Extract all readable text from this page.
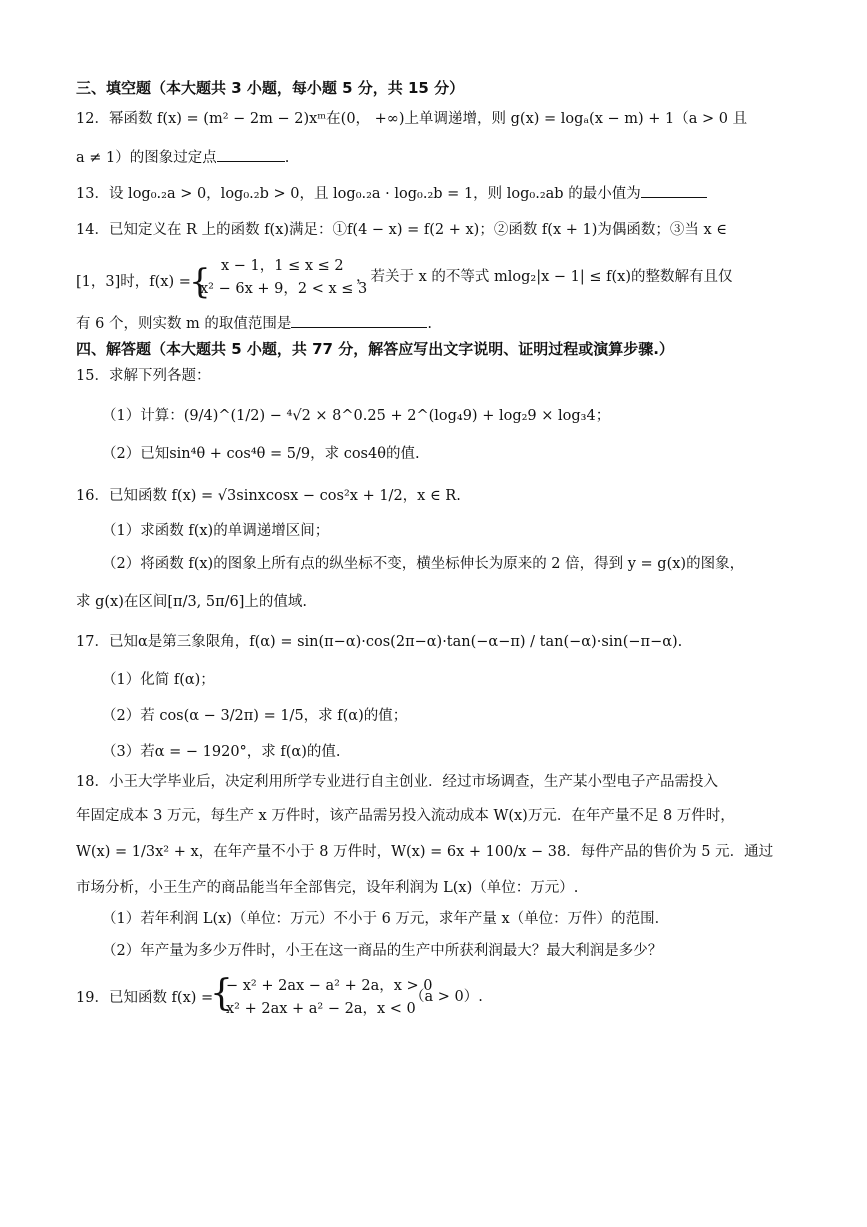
三、填空题（本大题共 3 小题，每小题 5 分，共 15 分）
12．幂函数 f(x) = (m² − 2m − 2)xᵐ在(0， +∞)上单调递增，则 g(x) = logₐ(x − m) + 1（a > 0 且
a ≠ 1）的图象过定点	.
13．设 log₀.₂a > 0，log₀.₂b > 0，且 log₀.₂a · log₀.₂b = 1，则 log₀.₂ab 的最小值为
14．已知定义在 R 上的函数 f(x)满足：①f(4 − x) = f(2 + x)；②函数 f(x + 1)为偶函数；③当 x ∈
[1，3]时，f(x) =
{ x − 1，1 ≤ x ≤ 2
x² − 6x + 9，2 < x ≤ 3
，若关于 x 的不等式 mlog₂|x − 1| ≤ f(x)的整数解有且仅
有 6 个，则实数 m 的取值范围是	.
四、解答题（本大题共 5 小题，共 77 分，解答应写出文字说明、证明过程或演算步骤.）
15．求解下列各题：
（1）计算：(9/4)^(1/2) − ⁴√2 × 8^0.25 + 2^(log₄9) + log₂9 × log₃4；
（2）已知sin⁴θ + cos⁴θ = 5/9，求 cos4θ的值.
16．已知函数 f(x) = √3sinxcosx − cos²x + 1/2，x ∈ R.
（1）求函数 f(x)的单调递增区间；
（2）将函数 f(x)的图象上所有点的纵坐标不变，横坐标伸长为原来的 2 倍，得到 y = g(x)的图象，
求 g(x)在区间[π/3, 5π/6]上的值域.
17．已知α是第三象限角，f(α) = sin(π−α)·cos(2π−α)·tan(−α−π) / tan(−α)·sin(−π−α).
（1）化简 f(α)；
（2）若 cos(α − 3/2π) = 1/5，求 f(α)的值；
（3）若α = − 1920°，求 f(α)的值.
18．小王大学毕业后，决定利用所学专业进行自主创业．经过市场调查，生产某小型电子产品需投入
年固定成本 3 万元，每生产 x 万件时，该产品需另投入流动成本 W(x)万元．在年产量不足 8 万件时，
W(x) = 1/3x² + x，在年产量不小于 8 万件时，W(x) = 6x + 100/x − 38．每件产品的售价为 5 元．通过
市场分析，小王生产的商品能当年全部售完，设年利润为 L(x)（单位：万元）.
（1）若年利润 L(x)（单位：万元）不小于 6 万元，求年产量 x（单位：万件）的范围．
（2）年产量为多少万件时，小王在这一商品的生产中所获利润最大？最大利润是多少？
19．已知函数 f(x) =
{
− x² + 2ax − a² + 2a，x > 0
x² + 2ax + a² − 2a，x < 0
（a > 0）.
